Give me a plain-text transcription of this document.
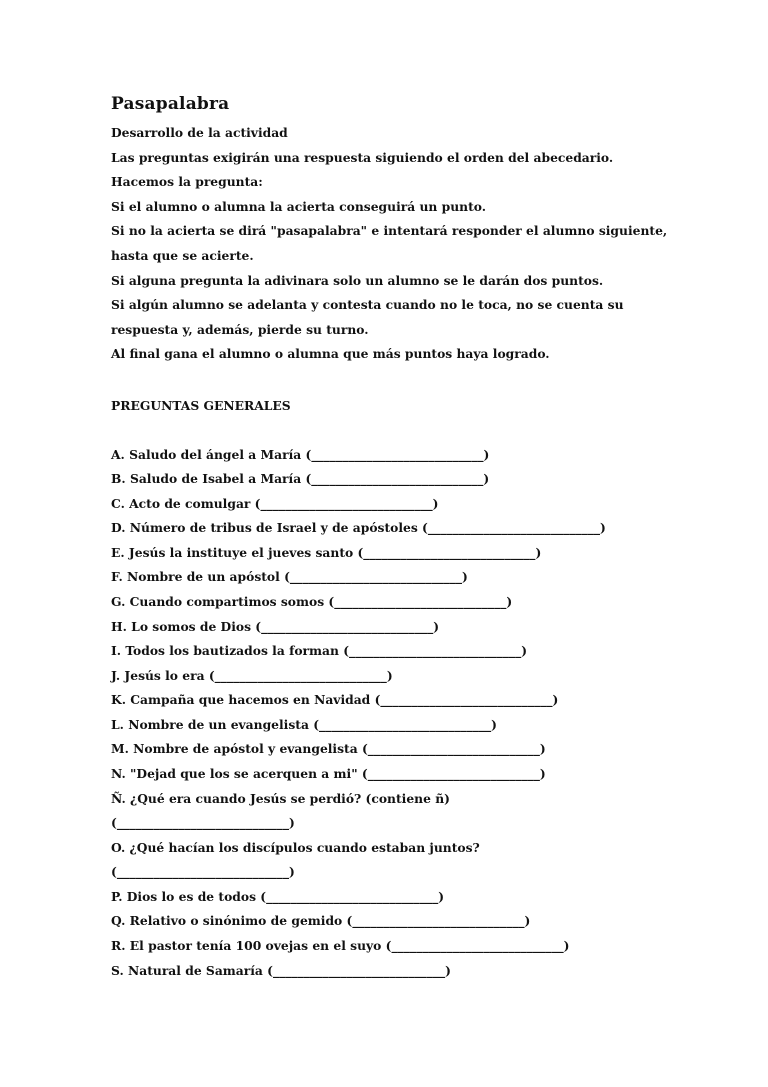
Pasapalabra
Desarrollo de la actividad
Las preguntas exigirán una respuesta siguiendo el orden del abecedario.
Hacemos la pregunta:
Si el alumno o alumna la acierta conseguirá un punto.
Si no la acierta se dirá "pasapalabra" e intentará responder el alumno siguiente,
hasta que se acierte.
Si alguna pregunta la adivinara solo un alumno se le darán dos puntos.
Si algún alumno se adelanta y contesta cuando no le toca, no se cuenta su
respuesta y, además, pierde su turno.
Al final gana el alumno o alumna que más puntos haya logrado.
PREGUNTAS GENERALES
A. Saludo del ángel a María (____________________________)
B. Saludo de Isabel a María (____________________________)
C. Acto de comulgar (____________________________)
D. Número de tribus de Israel y de apóstoles (____________________________)
E. Jesús la instituye el jueves santo (____________________________)
F. Nombre de un apóstol (____________________________)
G. Cuando compartimos somos (____________________________)
H. Lo somos de Dios (____________________________)
I. Todos los bautizados la forman (____________________________)
J. Jesús lo era (____________________________)
K. Campaña que hacemos en Navidad (____________________________)
L. Nombre de un evangelista (____________________________)
M. Nombre de apóstol y evangelista (____________________________)
N. "Dejad que los se acerquen a mi" (____________________________)
Ñ. ¿Qué era cuando Jesús se perdió? (contiene ñ)
(____________________________)
O. ¿Qué hacían los discípulos cuando estaban juntos?
(____________________________)
P. Dios lo es de todos (____________________________)
Q. Relativo o sinónimo de gemido (____________________________)
R. El pastor tenía 100 ovejas en el suyo (____________________________)
S. Natural de Samaría (____________________________)
